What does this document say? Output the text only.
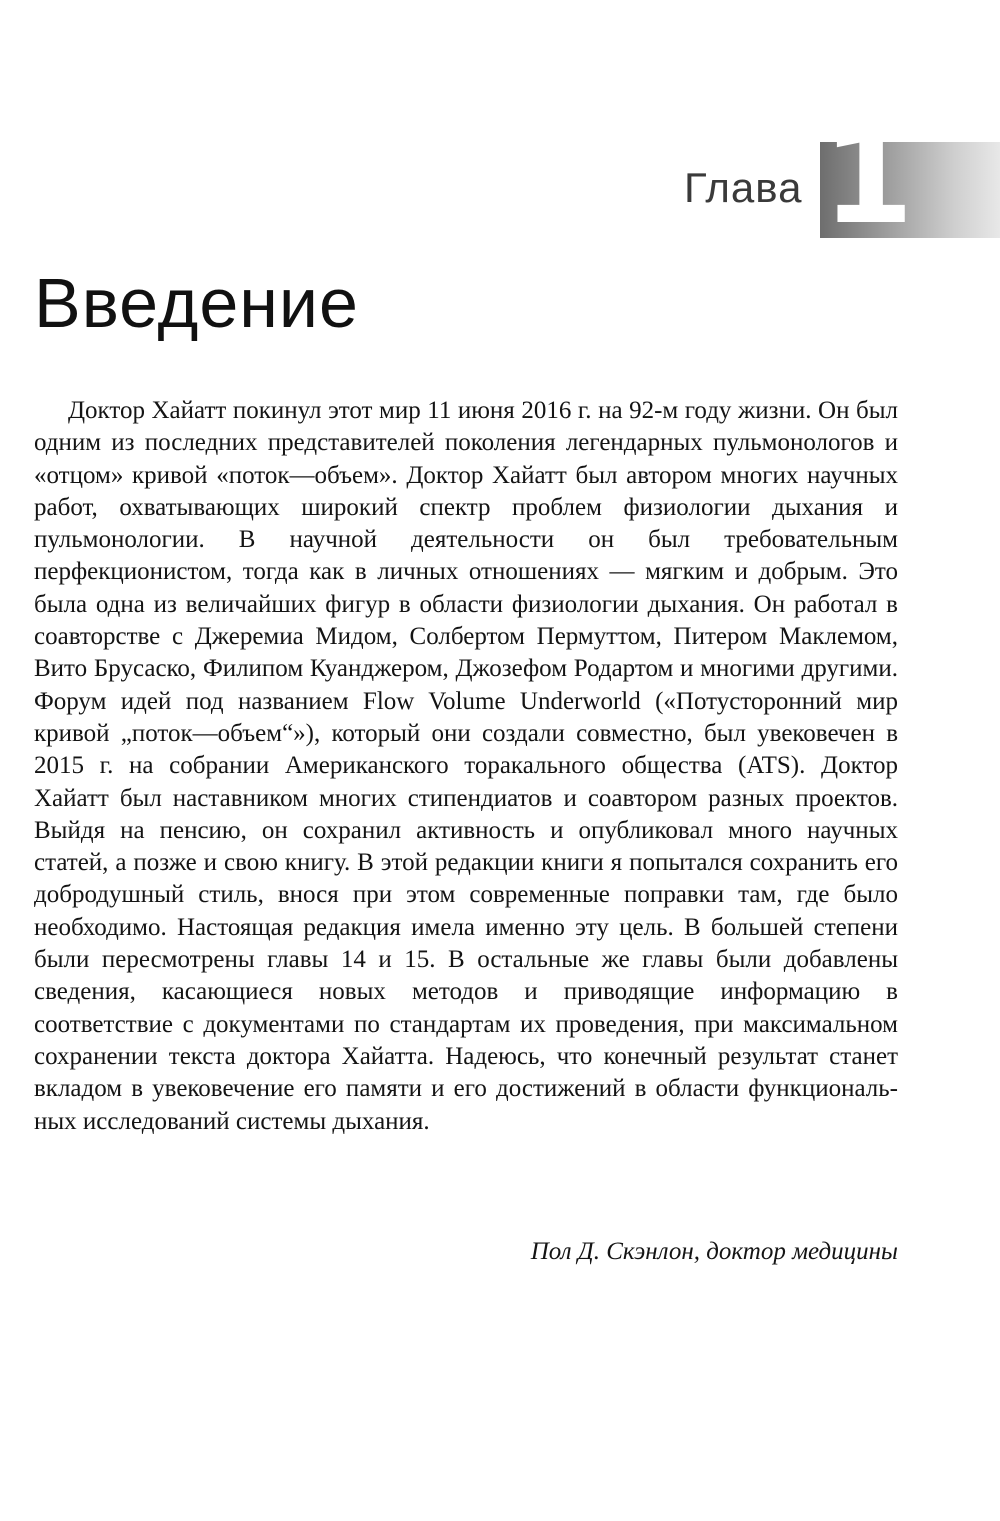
Глава 1
Введение

Доктор Хайатт покинул этот мир 11 июня 2016 г. на 92-м году жизни. Он был одним из последних представителей поколения легендарных пульмонологов и «отцом» кривой «поток—объем». Доктор Хайатт был автором многих научных работ, охватывающих широкий спектр проблем физиологии дыхания и пульмонологии. В научной деятельности он был требовательным перфекционистом, тогда как в личных отношениях — мягким и добрым. Это была одна из величайших фигур в области физиологии дыхания. Он работал в соавторстве с Джеремиа Мидом, Солбертом Пермуттом, Питером Маклемом, Вито Брусаско, Филипом Куанджером, Джозефом Родартом и многими другими. Форум идей под названием Flow Volume Underworld («Потусторонний мир кривой „поток—объем“»), который они создали совместно, был увековечен в 2015 г. на собрании Американского торакального общества (ATS). Доктор Хайатт был наставником многих стипендиатов и соавтором разных проектов. Выйдя на пенсию, он сохранил активность и опубликовал много научных статей, а позже и свою книгу. В этой редакции книги я попытался сохранить его добродушный стиль, внося при этом современные поправки там, где было необходимо. Настоящая редакция имела именно эту цель. В большей степени были пересмотрены главы 14 и 15. В остальные же главы были добавлены сведения, касающиеся новых методов и приводящие информацию в соответствие с документами по стандартам их проведения, при максимальном сохранении текста доктора Хайатта. Надеюсь, что конечный результат станет вкладом в увековечение его памяти и его достижений в области функциональных исследований системы дыхания.

Пол Д. Скэнлон, доктор медицины
